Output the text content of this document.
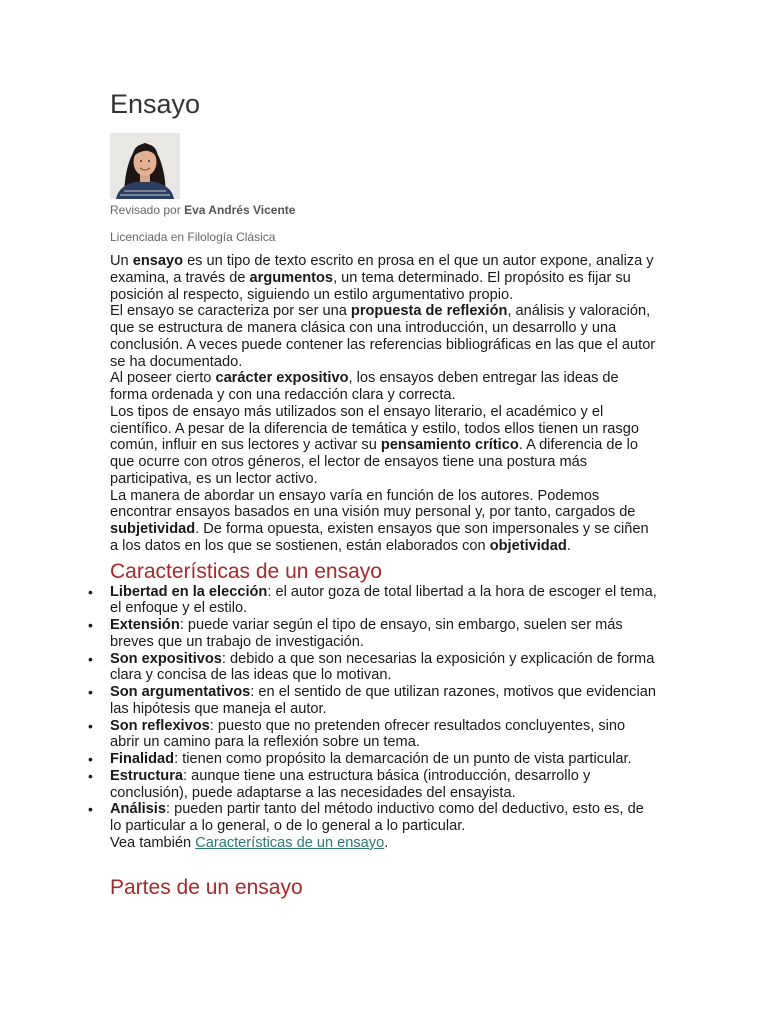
Ensayo
Revisado por Eva Andrés Vicente
Licenciada en Filología Clásica

Un ensayo es un tipo de texto escrito en prosa en el que un autor expone, analiza y examina, a través de argumentos, un tema determinado. El propósito es fijar su posición al respecto, siguiendo un estilo argumentativo propio.

El ensayo se caracteriza por ser una propuesta de reflexión, análisis y valoración, que se estructura de manera clásica con una introducción, un desarrollo y una conclusión. A veces puede contener las referencias bibliográficas en las que el autor se ha documentado.

Al poseer cierto carácter expositivo, los ensayos deben entregar las ideas de forma ordenada y con una redacción clara y correcta.

Los tipos de ensayo más utilizados son el ensayo literario, el académico y el científico. A pesar de la diferencia de temática y estilo, todos ellos tienen un rasgo común, influir en sus lectores y activar su pensamiento crítico. A diferencia de lo que ocurre con otros géneros, el lector de ensayos tiene una postura más participativa, es un lector activo.

La manera de abordar un ensayo varía en función de los autores. Podemos encontrar ensayos basados en una visión muy personal y, por tanto, cargados de subjetividad. De forma opuesta, existen ensayos que son impersonales y se ciñen a los datos en los que se sostienen, están elaborados con objetividad.

Características de un ensayo
•	Libertad en la elección: el autor goza de total libertad a la hora de escoger el tema, el enfoque y el estilo.
•	Extensión: puede variar según el tipo de ensayo, sin embargo, suelen ser más breves que un trabajo de investigación.
•	Son expositivos: debido a que son necesarias la exposición y explicación de forma clara y concisa de las ideas que lo motivan.
•	Son argumentativos: en el sentido de que utilizan razones, motivos que evidencian las hipótesis que maneja el autor.
•	Son reflexivos: puesto que no pretenden ofrecer resultados concluyentes, sino abrir un camino para la reflexión sobre un tema.
•	Finalidad: tienen como propósito la demarcación de un punto de vista particular.
•	Estructura: aunque tiene una estructura básica (introducción, desarrollo y conclusión), puede adaptarse a las necesidades del ensayista.
•	Análisis: pueden partir tanto del método inductivo como del deductivo, esto es, de lo particular a lo general, o de lo general a lo particular.
Vea también Características de un ensayo.
Partes de un ensayo
